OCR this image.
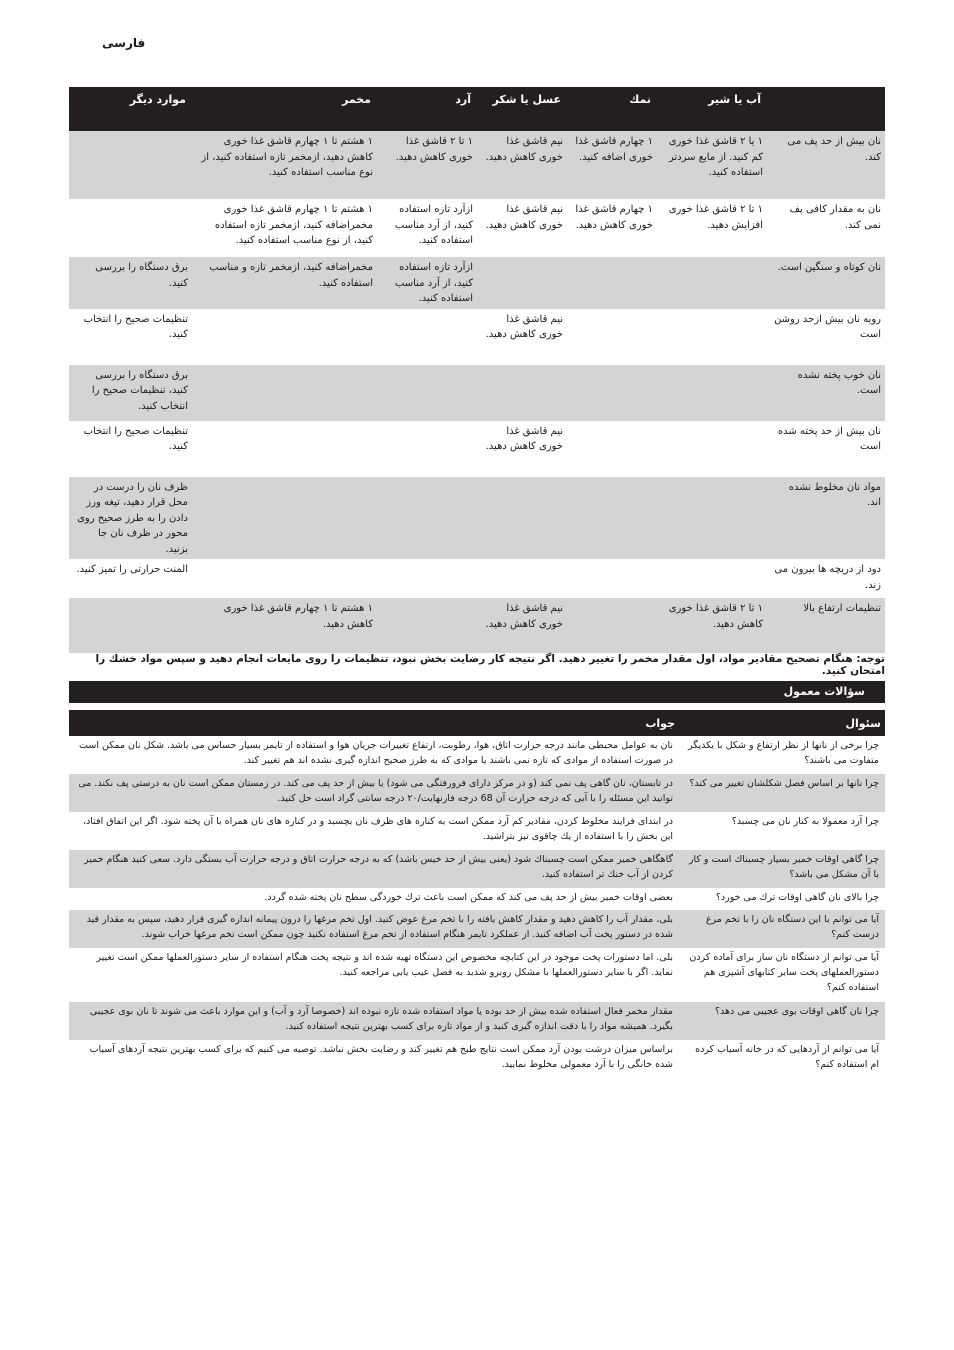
فارسی
	آب یا شیر	نمك	عسل یا شكر	آرد	مخمر	موارد دیگر
نان بیش از حد پف می كند.	۱ یا ۲ قاشق غذا خوری كم كنید. از مایع سردتر استفاده كنید.	۱ چهارم قاشق غذا خوری اضافه كنید.	نیم قاشق غذا خوری كاهش دهید.	۱ تا ۲ قاشق غذا خوری كاهش دهید.	۱ هشتم تا ۱ چهارم قاشق غذا خوری كاهش دهید، ازمخمر تازه استفاده كنید، از نوع مناسب استفاده كنید.	
نان به مقدار كافی پف نمی كند.	۱ تا ۲ قاشق غذا خوری افزایش دهید.	۱ چهارم قاشق غذا خوری كاهش دهید.	نیم قاشق غذا خوری كاهش دهید.	ازآرد تازه استفاده كنید، از آرد مناسب استفاده كنید.	۱ هشتم تا ۱ چهارم قاشق غذا خوری مخمراضافه كنید، ازمخمر تازه استفاده كنید، از نوع مناسب استفاده كنید.	
نان كوتاه و سنگین است.				ازآرد تازه استفاده كنید، از آرد مناسب استفاده كنید.	مخمراضافه كنید، ازمخمر تازه و مناسب استفاده كنید.	برق دستگاه را بررسی كنید.
رویه نان بیش ازحد روشن است			نیم قاشق غذا خوری كاهش دهید.			تنظیمات صحیح را انتخاب كنید.
نان خوب پخته نشده است.						برق دستگاه را بررسی كنید، تنظیمات صحیح را انتخاب كنید.
نان بیش از حد پخته شده است			نیم قاشق غذا خوری كاهش دهید.			تنظیمات صحیح را انتخاب كنید.
مواد نان مخلوط نشده اند.						ظرف نان را درست در محل قرار دهید، تیغه ورز دادن را به طرز صحیح روی محور در ظرف نان جا بزنید.
دود از دریچه ها بیرون می زند.						المنت حرارتی را تمیز كنید.
تنظیمات ارتفاع بالا	۱ تا ۲ قاشق غذا خوری كاهش دهید.		نیم قاشق غذا خوری كاهش دهید.		۱ هشتم تا ۱ چهارم قاشق غذا خوری كاهش دهید.	
توجه: هنگام تصحیح مقادیر مواد، اول مقدار مخمر را تغییر دهید. اگر نتیجه كار رضایت بخش نبود، تنظیمات را روی مایعات انجام دهید و سپس مواد خشك را امتحان كنید.
سؤالات معمول
سئوال	جواب
چرا برخی از نانها از نظر ارتفاع و شكل با یكدیگر متفاوت می باشند؟	نان به عوامل محیطی مانند درجه حرارت اتاق، هوا، رطوبت، ارتفاع تغییرات جریان هوا و استفاده از تایمر بسیار حساس می باشد. شكل نان ممكن است در صورت استفاده از موادی كه تازه نمی باشند یا موادی كه به طرز صحیح اندازه گیری نشده اند هم تغییر كند.
چرا نانها بر اساس فصل شكلشان تغییر می كند؟	در تابستان، نان گاهی پف نمی كند (و در مركز دارای فرورفتگی می شود) یا بیش از حد پف می كند. در زمستان ممكن است نان به درستی پف نكند. می توانید این مسئله را با آبی كه درجه حرارت آن 68 درجه فارنهایت/۲۰ درجه سانتی گراد است حل كنید.
چرا آرد معمولا به كنار نان می چسبد؟	در ابتدای فرایند مخلوط كردن، مقادیر كم آرد ممكن است به كناره های ظرف نان بچسبد و در كناره های نان همراه با آن پخته شود. اگر این اتفاق افتاد، این بخش را با استفاده از یك چاقوی تیز بتراشید.
چرا گاهی اوقات خمیر بسیار چسبناك است و كار با آن مشكل می باشد؟	گاهگاهی خمیر ممكن است چسبناك شود (یعنی بیش از حد خیس باشد) كه به درجه حرارت اتاق و درجه حرارت آب بستگی دارد. سعی كنید هنگام خمیر كردن از آب خنك تر استفاده كنید.
چرا بالای نان گاهی اوقات ترك می خورد؟	بعضی اوقات خمیر بیش از حد پف می كند كه ممكن است باعث ترك خوردگی سطح نان پخته شده گردد.
آیا می توانم با این دستگاه نان را با تخم مرغ درست كنم؟	بلی، مقدار آب را كاهش دهید و مقدار كاهش یافته را با تخم مرغ عوض كنید. اول تخم مرغها را درون پیمانه اندازه گیری قرار دهید، سپس به مقدار قید شده در دستور پخت آب اضافه كنید. از عملكرد تایمر هنگام استفاده از تخم مرغ استفاده نكنید چون ممكن است تخم مرغها خراب شوند.
آیا می توانم از دستگاه نان ساز برای آماده كردن دستورالعملهای پخت سایر كتابهای آشپزی هم استفاده كنم؟	بلی. اما دستورات پخت موجود در این كتابچه مخصوص این دستگاه تهیه شده اند و نتیجه پخت هنگام استفاده از سایر دستورالعملها ممكن است تغییر نماید. اگر با سایر دستورالعملها با مشكل روبرو شدید به فصل عیب یابی مراجعه كنید.
چرا نان گاهی اوقات بوی عجیبی می دهد؟	مقدار مخمر فعال استفاده شده بیش از حد بوده یا مواد استفاده شده تازه نبوده اند (خصوصا آرد و آب) و این موارد باعث می شوند تا نان بوی عجیبی بگیرد. همیشه مواد را با دقت اندازه گیری كنید و از مواد تازه برای كسب بهترین نتیجه استفاده كنید.
آیا می توانم از آردهایی كه در خانه آسیاب كرده ام استفاده كنم؟	براساس میزان درشت بودن آرد ممكن است نتایج طبخ هم تغییر كند و رضایت بخش نباشد. توصیه می كنیم كه برای كسب بهترین نتیجه آردهای آسیاب شده خانگی را با آرد معمولی مخلوط نمایید.
